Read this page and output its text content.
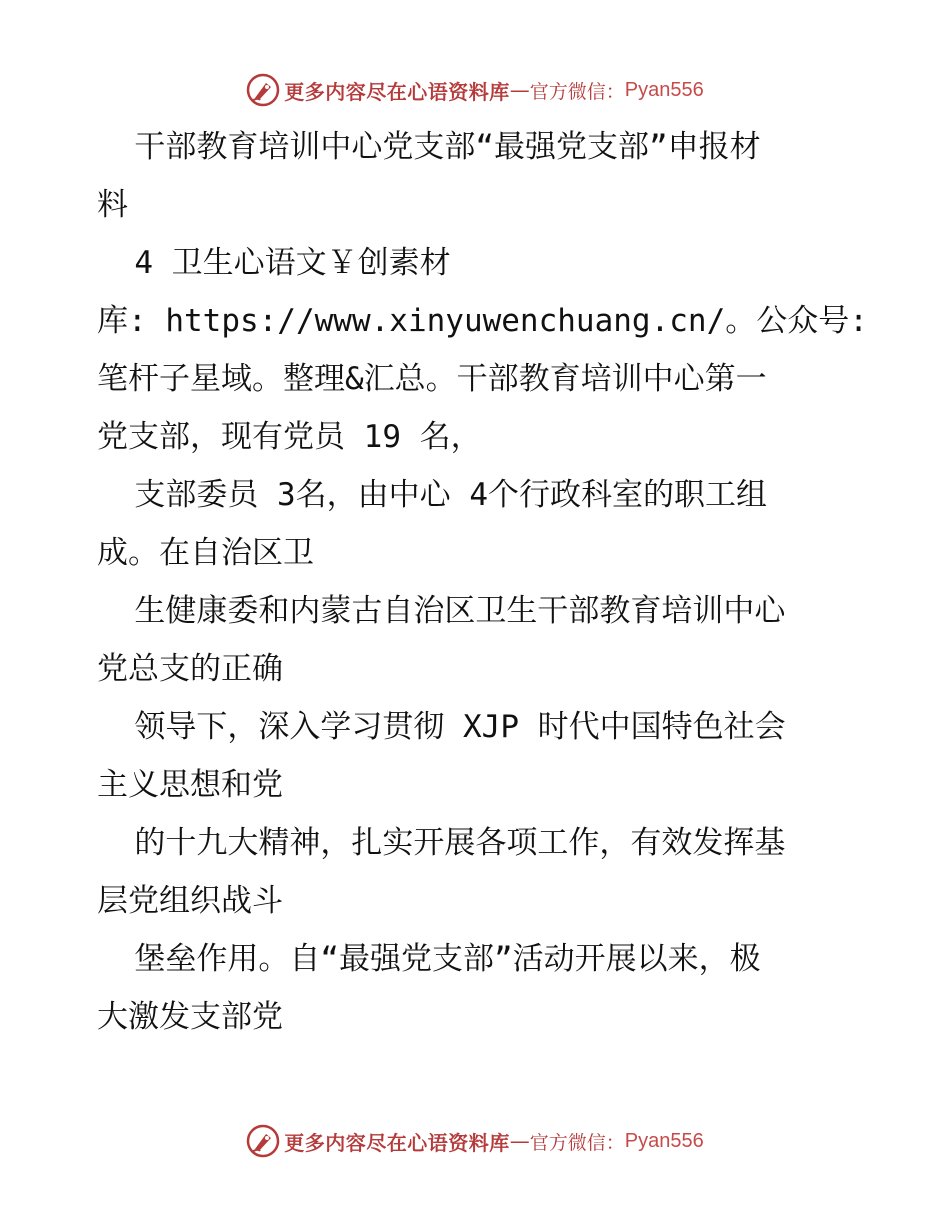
更多内容尽在心语资料库 — 官方微信： Pyan556
干部教育培训中心党支部“最强党支部”申报材
料
4 卫生心语文￥创素材
库: https://www.xinyuwenchuang.cn/。公众号:
笔杆子星域。整理&汇总。干部教育培训中心第一
党支部，现有党员 19 名，
支部委员 3名，由中心 4个行政科室的职工组
成。在自治区卫
生健康委和内蒙古自治区卫生干部教育培训中心
党总支的正确
领导下，深入学习贯彻 XJP 时代中国特色社会
主义思想和党
的十九大精神，扎实开展各项工作，有效发挥基
层党组织战斗
堡垒作用。自“最强党支部”活动开展以来，极
大激发支部党
更多内容尽在心语资料库 — 官方微信： Pyan556
